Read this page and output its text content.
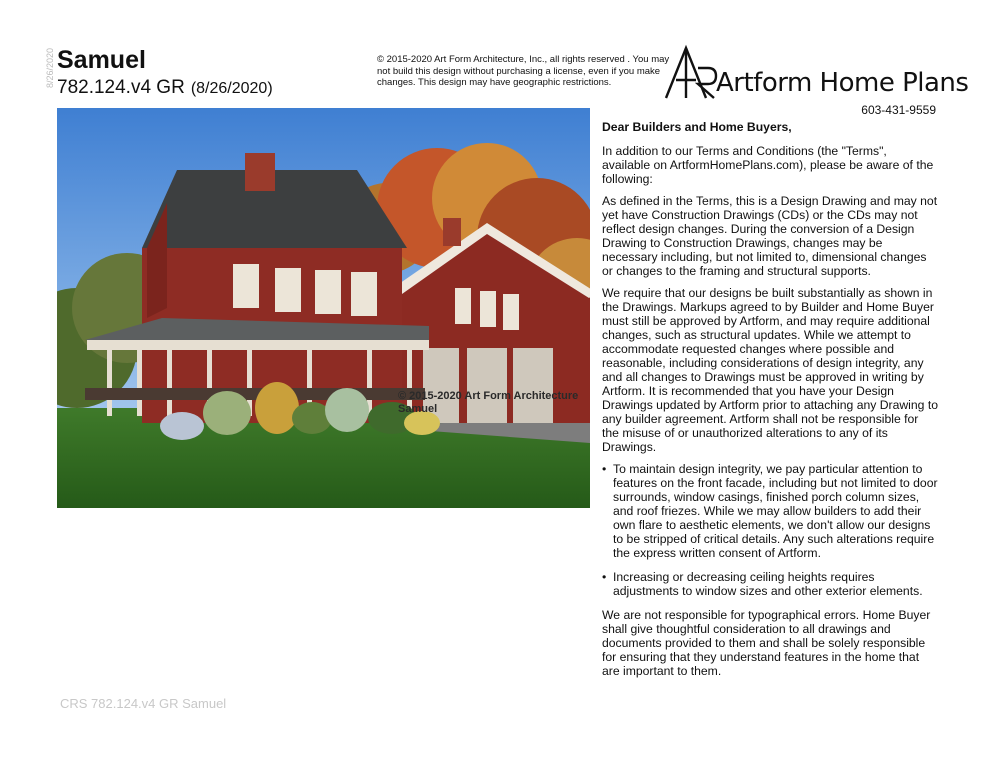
8/26/2020 Samuel
782.124.v4 GR (8/26/2020)
© 2015-2020 Art Form Architecture, Inc., all rights reserved . You may not build this design without purchasing a license, even if you make changes. This design may have geographic restrictions.	Artform Home Plans
603-431-9559
© 2015-2020 Art Form Architecture
Samuel

Dear Builders and Home Buyers,

In addition to our Terms and Conditions (the "Terms", available on ArtformHomePlans.com), please be aware of the following:

As defined in the Terms, this is a Design Drawing and may not yet have Construction Drawings (CDs) or the CDs may not reflect design changes. During the conversion of a Design Drawing to Construction Drawings, changes may be necessary including, but not limited to, dimensional changes or changes to the framing and structural supports.

We require that our designs be built substantially as shown in the Drawings. Markups agreed to by Builder and Home Buyer must still be approved by Artform, and may require additional changes, such as structural updates. While we attempt to accommodate requested changes where possible and reasonable, including considerations of design integrity, any and all changes to Drawings must be approved in writing by Artform. It is recommended that you have your Design Drawings updated by Artform prior to attaching any Drawing to any builder agreement. Artform shall not be responsible for the misuse of or unauthorized alterations to any of its Drawings.

• To maintain design integrity, we pay particular attention to features on the front facade, including but not limited to door surrounds, window casings, finished porch column sizes, and roof friezes. While we may allow builders to add their own flare to aesthetic elements, we don't allow our designs to be stripped of critical details. Any such alterations require the express written consent of Artform.
• Increasing or decreasing ceiling heights requires adjustments to window sizes and other exterior elements.

We are not responsible for typographical errors. Home Buyer shall give thoughtful consideration to all drawings and documents provided to them and shall be solely responsible for ensuring that they understand features in the home that are important to them.

CRS 782.124.v4 GR Samuel
